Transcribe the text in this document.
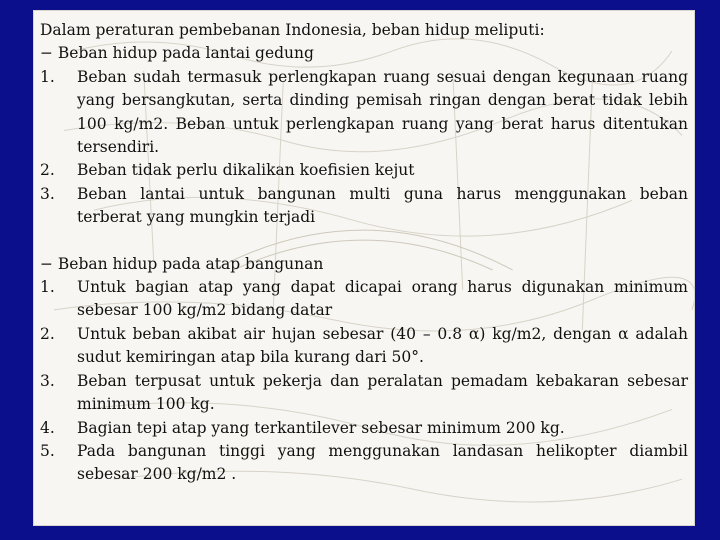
Dalam peraturan pembebanan Indonesia, beban hidup meliputi:

− Beban hidup pada lantai gedung

1.	Beban sudah termasuk perlengkapan ruang sesuai dengan kegunaan ruang yang bersangkutan, serta dinding pemisah ringan dengan berat tidak lebih 100 kg/m2. Beban untuk perlengkapan ruang yang berat harus ditentukan tersendiri.
2.	Beban tidak perlu dikalikan koefisien kejut
3.	Beban lantai untuk bangunan multi guna harus menggunakan beban terberat yang mungkin terjadi

− Beban hidup pada atap bangunan

1.	Untuk bagian atap yang dapat dicapai orang harus digunakan minimum sebesar 100 kg/m2 bidang datar
2.	Untuk beban akibat air hujan sebesar (40 – 0.8 α) kg/m2, dengan α adalah sudut kemiringan atap bila kurang dari 50°.
3.	Beban terpusat untuk pekerja dan peralatan pemadam kebakaran sebesar minimum 100 kg.
4.	Bagian tepi atap yang terkantilever sebesar minimum 200 kg.
5.	Pada bangunan tinggi yang menggunakan landasan helikopter diambil sebesar 200 kg/m2 .
